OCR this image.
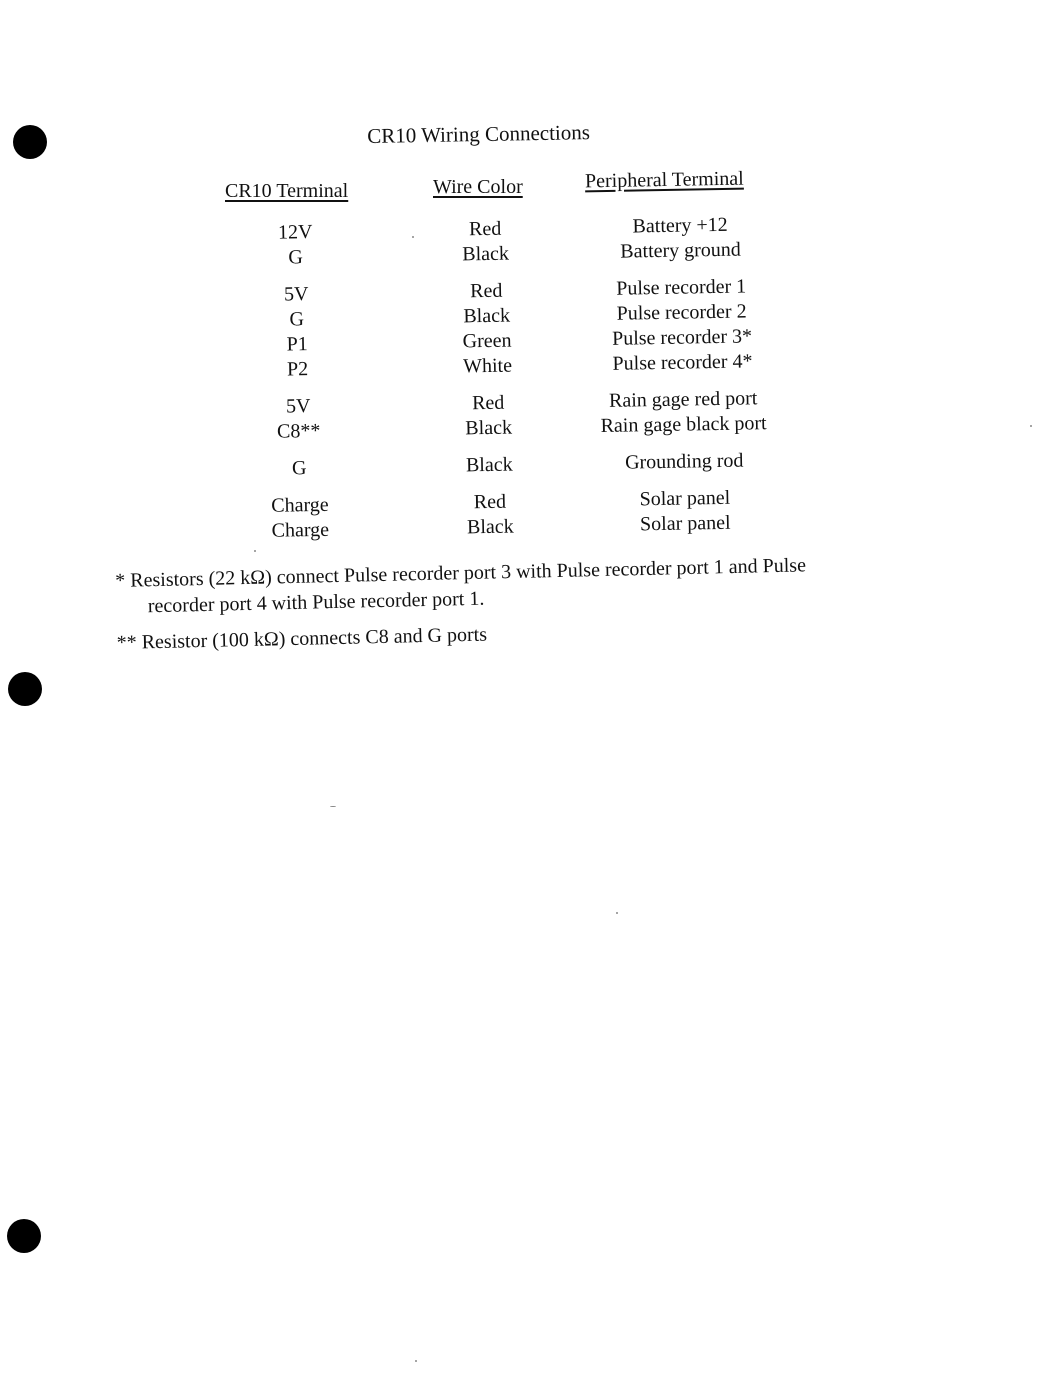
CR10 Wiring Connections
CR10 Terminal	Wire Color	Peripheral Terminal
12V	Red	Battery +12
G	Black	Battery ground
5V	Red	Pulse recorder 1
G	Black	Pulse recorder 2
P1	Green	Pulse recorder 3*
P2	White	Pulse recorder 4*
5V	Red	Rain gage red port
C8**	Black	Rain gage black port
G	Black	Grounding rod
Charge	Red	Solar panel
Charge	Black	Solar panel
* Resistors (22 kΩ) connect Pulse recorder port 3 with Pulse recorder port 1 and Pulse
recorder port 4 with Pulse recorder port 1.
** Resistor (100 kΩ) connects C8 and G ports
